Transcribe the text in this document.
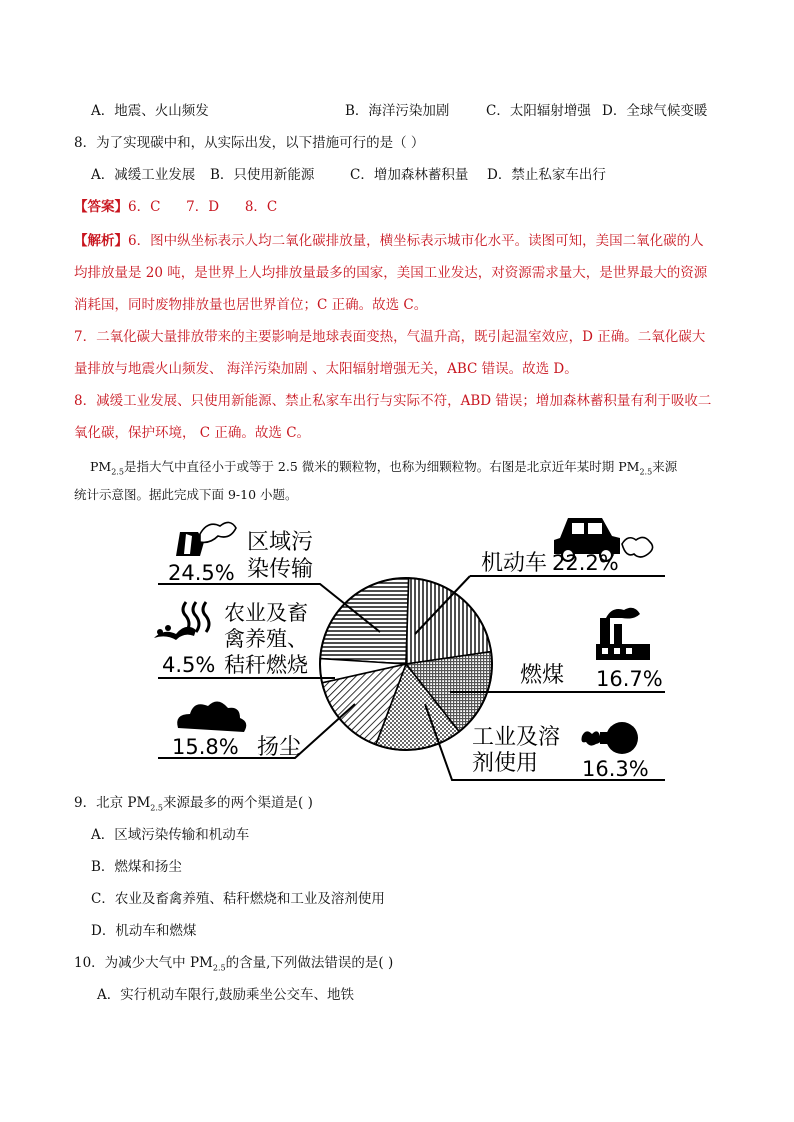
A．地震、火山频发	B．海洋污染加剧	C．太阳辐射增强 D．全球气候变暖
8．为了实现碳中和，从实际出发，以下措施可行的是（ ）
A．减缓工业发展 B．只使用新能源	C．增加森林蓄积量 D．禁止私家车出行
【答案】6．C      7．D      8．C
【解析】6．图中纵坐标表示人均二氧化碳排放量，横坐标表示城市化水平。读图可知，美国二氧化碳的人
均排放量是 20 吨，是世界上人均排放量最多的国家，美国工业发达，对资源需求量大，是世界最大的资源
消耗国，同时废物排放量也居世界首位；C 正确。故选 C。
7．二氧化碳大量排放带来的主要影响是地球表面变热，气温升高，既引起温室效应，D 正确。二氧化碳大
量排放与地震火山频发、 海洋污染加剧 、太阳辐射增强无关，ABC 错误。故选 D。
8．减缓工业发展、只使用新能源、禁止私家车出行与实际不符，ABD 错误；增加森林蓄积量有利于吸收二
氧化碳，保护环境， C 正确。故选 C。
$PM_{2.5}$是指大气中直径小于或等于 2.5 微米的颗粒物，也称为细颗粒物。右图是北京近年某时期 $PM_{2.5}$来源
统计示意图。据此完成下面 9-10 小题。
区域污
染传输
24.5%	机动车 22.2%
燃煤 16.7%
工业及溶
剂使用 16.3%
15.8% 扬尘
农业及畜
禽养殖、
4.5% 秸秆燃烧
9．北京 $PM_{2.5}$来源最多的两个渠道是( )
A．区域污染传输和机动车
B．燃煤和扬尘
C．农业及畜禽养殖、秸秆燃烧和工业及溶剂使用
D．机动车和燃煤
10．为减少大气中 $PM_{2.5}$的含量,下列做法错误的是( )
A．实行机动车限行,鼓励乘坐公交车、地铁
